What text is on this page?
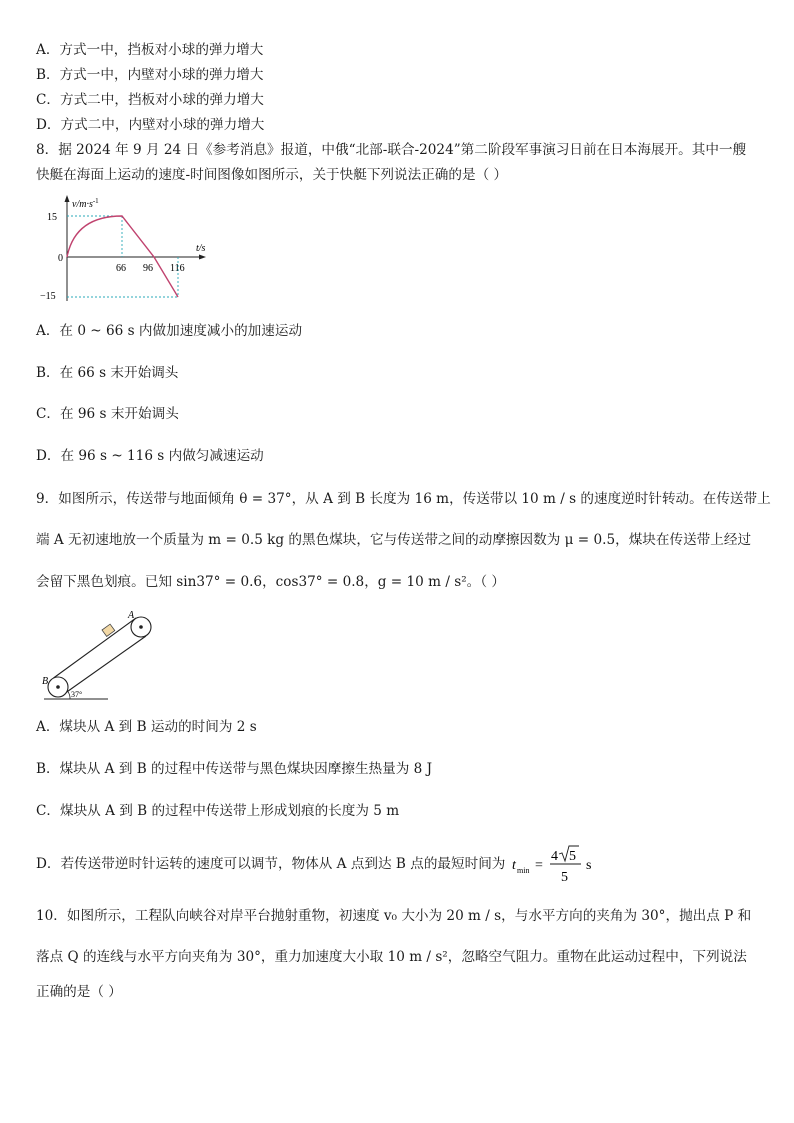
A．方式一中，挡板对小球的弹力增大
B．方式一中，内壁对小球的弹力增大
C．方式二中，挡板对小球的弹力增大
D．方式二中，内壁对小球的弹力增大
8．据 2024 年 9 月 24 日《参考消息》报道，中俄“北部-联合-2024”第二阶段军事演习日前在日本海展开。其中一艘
快艇在海面上运动的速度-时间图像如图所示，关于快艇下列说法正确的是（ ）
$v/m\cdot s^{-1}$
t/s
15
0
−15
66 96 116
A．在 0 ~ 66 s 内做加速度减小的加速运动
B．在 66 s 末开始调头
C．在 96 s 末开始调头
D．在 96 s ~ 116 s 内做匀减速运动
9．如图所示，传送带与地面倾角 θ = 37°，从 A 到 B 长度为 16 m，传送带以 10 m / s 的速度逆时针转动。在传送带上
端 A 无初速地放一个质量为 m = 0.5 kg 的黑色煤块，它与传送带之间的动摩擦因数为 μ = 0.5，煤块在传送带上经过
会留下黑色划痕。已知 sin37° = 0.6，cos37° = 0.8，g = 10 m / s²。（ ）
A
B
37°
A．煤块从 A 到 B 运动的时间为 2 s
B．煤块从 A 到 B 的过程中传送带与黑色煤块因摩擦生热量为 8 J
C．煤块从 A 到 B 的过程中传送带上形成划痕的长度为 5 m
D．若传送带逆时针运转的速度可以调节，物体从 A 点到达 B 点的最短时间为 t min =
4 5
5
s
10．如图所示，工程队向峡谷对岸平台抛射重物，初速度 v₀ 大小为 20 m / s，与水平方向的夹角为 30°，抛出点 P 和
落点 Q 的连线与水平方向夹角为 30°，重力加速度大小取 10 m / s²，忽略空气阻力。重物在此运动过程中，下列说法
正确的是（ ）
